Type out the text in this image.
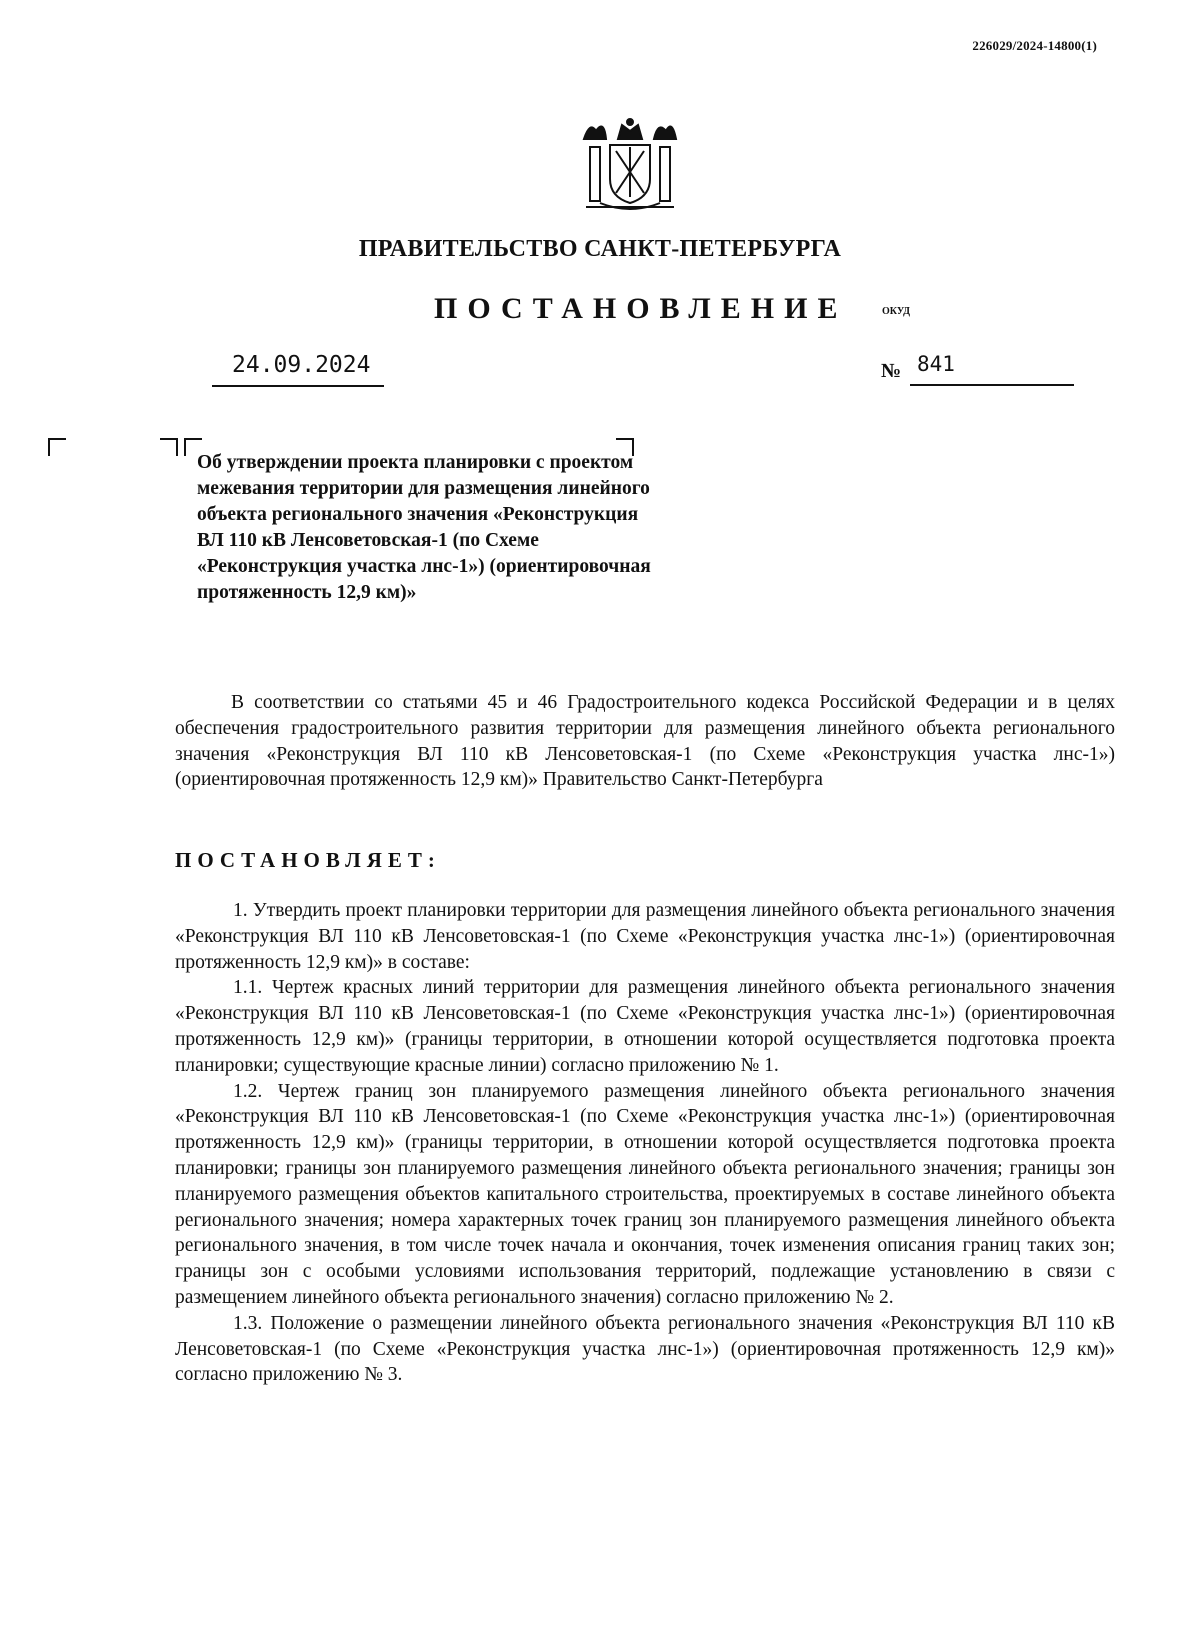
226029/2024-14800(1)
ПРАВИТЕЛЬСТВО САНКТ-ПЕТЕРБУРГА
ПОСТАНОВЛЕНИЕ	ОКУД
24.09.2024	№ 841
Об утверждении проекта планировки с проектом межевания территории для размещения линейного объекта регионального значения «Реконструкция ВЛ 110 кВ Ленсоветовская-1 (по Схеме «Реконструкция участка лнс-1») (ориентировочная протяженность 12,9 км)»

В соответствии со статьями 45 и 46 Градостроительного кодекса Российской Федерации и в целях обеспечения градостроительного развития территории для размещения линейного объекта регионального значения «Реконструкция ВЛ 110 кВ Ленсоветовская-1 (по Схеме «Реконструкция участка лнс-1») (ориентировочная протяженность 12,9 км)» Правительство Санкт-Петербурга

ПОСТАНОВЛЯЕТ:

1. Утвердить проект планировки территории для размещения линейного объекта регионального значения «Реконструкция ВЛ 110 кВ Ленсоветовская-1 (по Схеме «Реконструкция участка лнс-1») (ориентировочная протяженность 12,9 км)» в составе:

1.1. Чертеж красных линий территории для размещения линейного объекта регионального значения «Реконструкция ВЛ 110 кВ Ленсоветовская-1 (по Схеме «Реконструкция участка лнс-1») (ориентировочная протяженность 12,9 км)» (границы территории, в отношении которой осуществляется подготовка проекта планировки; существующие красные линии) согласно приложению № 1.

1.2. Чертеж границ зон планируемого размещения линейного объекта регионального значения «Реконструкция ВЛ 110 кВ Ленсоветовская-1 (по Схеме «Реконструкция участка лнс-1») (ориентировочная протяженность 12,9 км)» (границы территории, в отношении которой осуществляется подготовка проекта планировки; границы зон планируемого размещения линейного объекта регионального значения; границы зон планируемого размещения объектов капитального строительства, проектируемых в составе линейного объекта регионального значения; номера характерных точек границ зон планируемого размещения линейного объекта регионального значения, в том числе точек начала и окончания, точек изменения описания границ таких зон; границы зон с особыми условиями использования территорий, подлежащие установлению в связи с размещением линейного объекта регионального значения) согласно приложению № 2.

1.3. Положение о размещении линейного объекта регионального значения «Реконструкция ВЛ 110 кВ Ленсоветовская-1 (по Схеме «Реконструкция участка лнс-1») (ориентировочная протяженность 12,9 км)» согласно приложению № 3.
